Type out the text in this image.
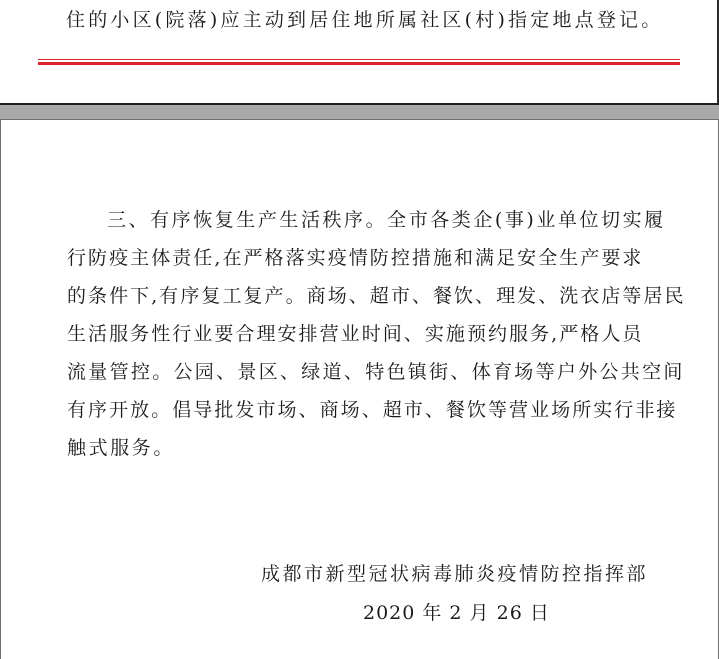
住的小区(院落)应主动到居住地所属社区(村)指定地点登记。
三、有序恢复生产生活秩序。全市各类企(事)业单位切实履
行防疫主体责任,在严格落实疫情防控措施和满足安全生产要求
的条件下,有序复工复产。商场、超市、餐饮、理发、洗衣店等居民
生活服务性行业要合理安排营业时间、实施预约服务,严格人员
流量管控。公园、景区、绿道、特色镇街、体育场等户外公共空间
有序开放。倡导批发市场、商场、超市、餐饮等营业场所实行非接
触式服务。
成都市新型冠状病毒肺炎疫情防控指挥部
2020 年 2 月 26 日
